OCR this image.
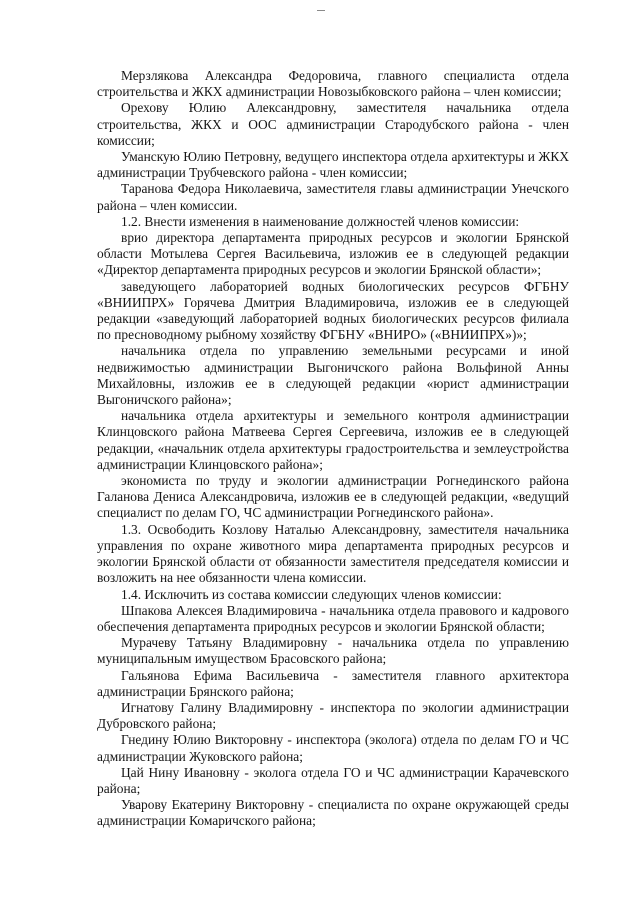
Мерзлякова Александра Федоровича, главного специалиста отдела строительства и ЖКХ администрации Новозыбковского района – член комиссии;

Орехову Юлию Александровну, заместителя начальника отдела строительства, ЖКХ и ООС администрации Стародубского района - член комиссии;

Уманскую Юлию Петровну, ведущего инспектора отдела архитектуры и ЖКХ администрации Трубчевского района - член комиссии;

Таранова Федора Николаевича, заместителя главы администрации Унечского района – член комиссии.

1.2. Внести изменения в наименование должностей членов комиссии:

врио директора департамента природных ресурсов и экологии Брянской области Мотылева Сергея Васильевича, изложив ее в следующей редакции «Директор департамента природных ресурсов и экологии Брянской области»;

заведующего лабораторией водных биологических ресурсов ФГБНУ «ВНИИПРХ» Горячева Дмитрия Владимировича, изложив ее в следующей редакции «заведующий лабораторией водных биологических ресурсов филиала по пресноводному рыбному хозяйству ФГБНУ «ВНИРО» («ВНИИПРХ»)»;

начальника отдела по управлению земельными ресурсами и иной недвижимостью администрации Выгоничского района Вольфиной Анны Михайловны, изложив ее в следующей редакции «юрист администрации Выгоничского района»;

начальника отдела архитектуры и земельного контроля администрации Клинцовского района Матвеева Сергея Сергеевича, изложив ее в следующей редакции, «начальник отдела архитектуры градостроительства и землеустройства администрации Клинцовского района»;

экономиста по труду и экологии администрации Рогнединского района Галанова Дениса Александровича, изложив ее в следующей редакции, «ведущий специалист по делам ГО, ЧС администрации Рогнединского района».

1.3. Освободить Козлову Наталью Александровну, заместителя начальника управления по охране животного мира департамента природных ресурсов и экологии Брянской области от обязанности заместителя председателя комиссии и возложить на нее обязанности члена комиссии.

1.4. Исключить из состава комиссии следующих членов комиссии:

Шпакова Алексея Владимировича - начальника отдела правового и кадрового обеспечения департамента природных ресурсов и экологии Брянской области;

Мурачеву Татьяну Владимировну - начальника отдела по управлению муниципальным имуществом Брасовского района;

Гальянова Ефима Васильевича - заместителя главного архитектора администрации Брянского района;

Игнатову Галину Владимировну - инспектора по экологии администрации Дубровского района;

Гнедину Юлию Викторовну - инспектора (эколога) отдела по делам ГО и ЧС администрации Жуковского района;

Цай Нину Ивановну - эколога отдела ГО и ЧС администрации Карачевского района;

Уварову Екатерину Викторовну - специалиста по охране окружающей среды администрации Комаричского района;
